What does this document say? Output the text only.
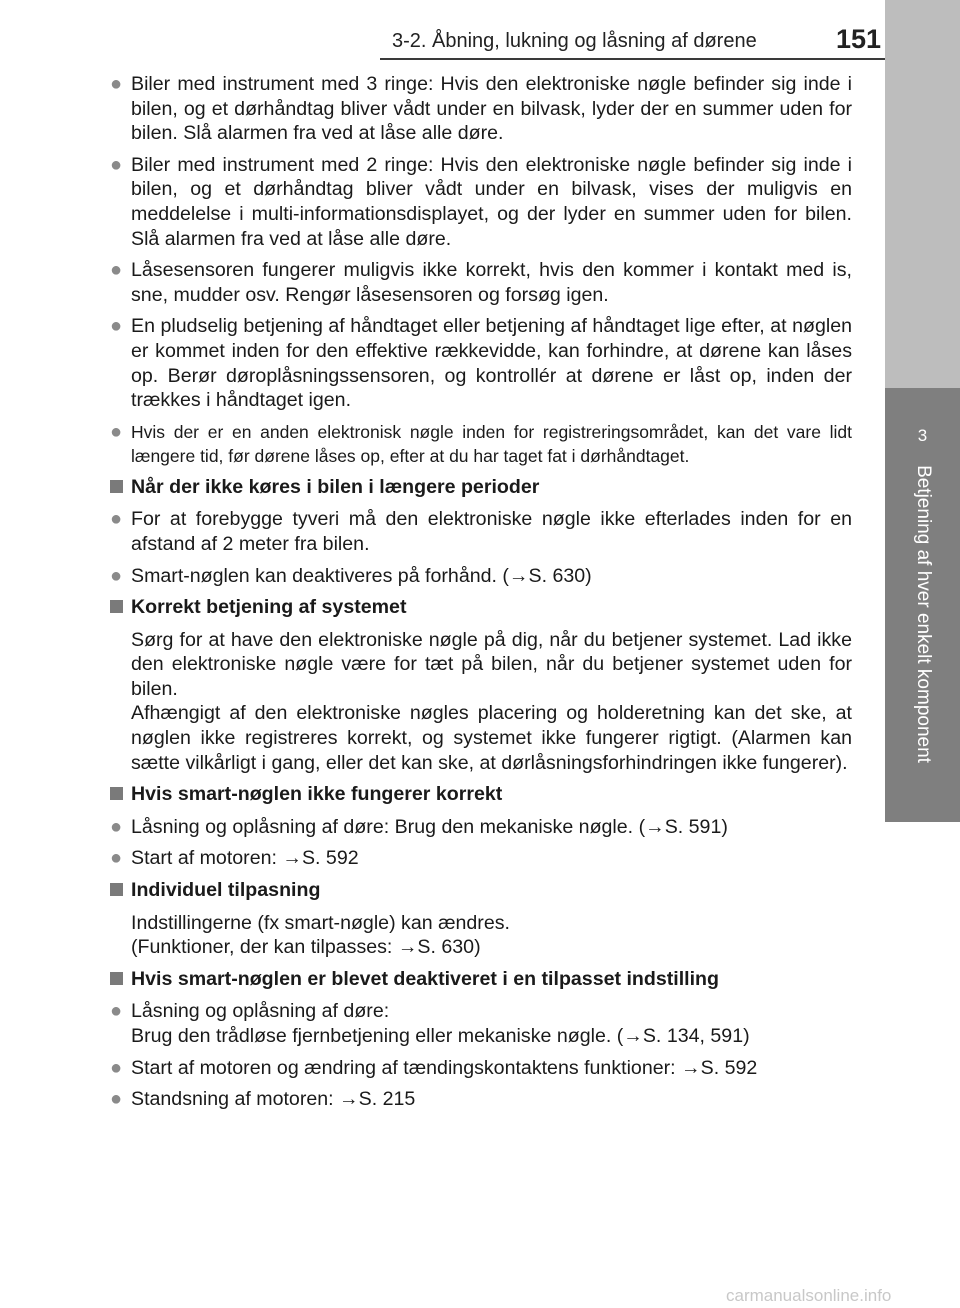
3-2. Åbning, lukning og låsning af dørene	151
3
Betjening af hver enkelt komponent
● Biler med instrument med 3 ringe: Hvis den elektroniske nøgle befinder sig inde i bilen, og et dørhåndtag bliver vådt under en bilvask, lyder der en summer uden for bilen. Slå alarmen fra ved at låse alle døre.
● Biler med instrument med 2 ringe: Hvis den elektroniske nøgle befinder sig inde i bilen, og et dørhåndtag bliver vådt under en bilvask, vises der muligvis en meddelelse i multi-informationsdisplayet, og der lyder en summer uden for bilen. Slå alarmen fra ved at låse alle døre.
● Låsesensoren fungerer muligvis ikke korrekt, hvis den kommer i kontakt med is, sne, mudder osv. Rengør låsesensoren og forsøg igen.
● En pludselig betjening af håndtaget eller betjening af håndtaget lige efter, at nøglen er kommet inden for den effektive rækkevidde, kan forhindre, at dørene kan låses op. Berør døroplåsningssensoren, og kontrollér at dørene er låst op, inden der trækkes i håndtaget igen.
● Hvis der er en anden elektronisk nøgle inden for registreringsområdet, kan det vare lidt længere tid, før dørene låses op, efter at du har taget fat i dørhåndtaget.
Når der ikke køres i bilen i længere perioder
● For at forebygge tyveri må den elektroniske nøgle ikke efterlades inden for en afstand af 2 meter fra bilen.
● Smart-nøglen kan deaktiveres på forhånd. (→S. 630)
Korrekt betjening af systemet
Sørg for at have den elektroniske nøgle på dig, når du betjener systemet. Lad ikke den elektroniske nøgle være for tæt på bilen, når du betjener systemet uden for bilen.
Afhængigt af den elektroniske nøgles placering og holderetning kan det ske, at nøglen ikke registreres korrekt, og systemet ikke fungerer rigtigt. (Alarmen kan sætte vilkårligt i gang, eller det kan ske, at dørlåsningsforhindringen ikke fungerer).
Hvis smart-nøglen ikke fungerer korrekt
● Låsning og oplåsning af døre: Brug den mekaniske nøgle. (→S. 591)
● Start af motoren: →S. 592
Individuel tilpasning
Indstillingerne (fx smart-nøgle) kan ændres.
(Funktioner, der kan tilpasses: →S. 630)
Hvis smart-nøglen er blevet deaktiveret i en tilpasset indstilling
● Låsning og oplåsning af døre:
Brug den trådløse fjernbetjening eller mekaniske nøgle. (→S. 134, 591)
● Start af motoren og ændring af tændingskontaktens funktioner: →S. 592
● Standsning af motoren: →S. 215
carmanualsonline.info
